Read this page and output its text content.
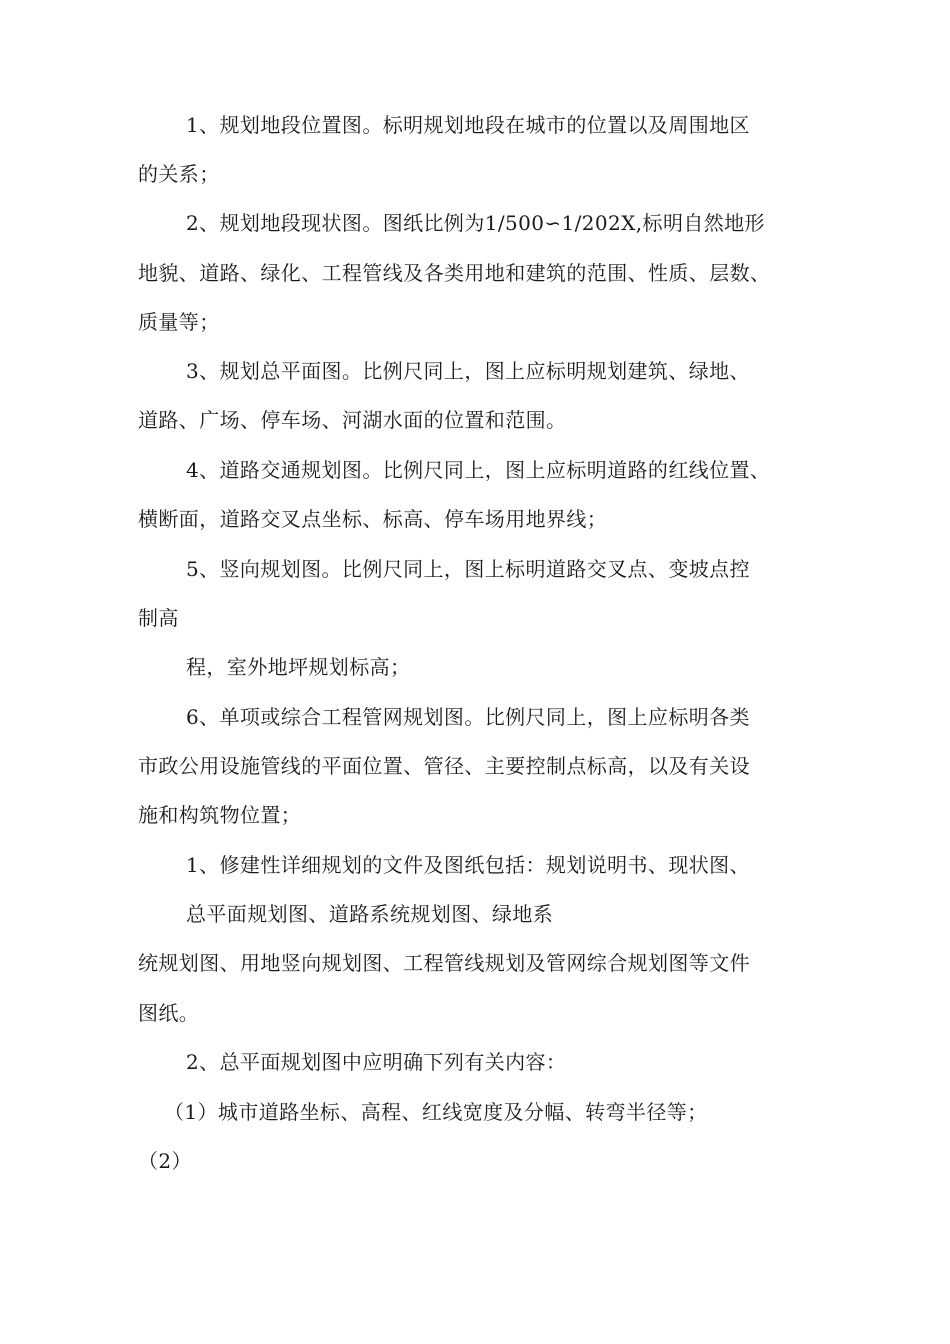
1、规划地段位置图。标明规划地段在城市的位置以及周围地区
的关系；
2、规划地段现状图。图纸比例为1/500∽1/202X,标明自然地形
地貌、道路、绿化、工程管线及各类用地和建筑的范围、性质、层数、
质量等；
3、规划总平面图。比例尺同上，图上应标明规划建筑、绿地、
道路、广场、停车场、河湖水面的位置和范围。
4、道路交通规划图。比例尺同上，图上应标明道路的红线位置、
横断面，道路交叉点坐标、标高、停车场用地界线；
5、竖向规划图。比例尺同上，图上标明道路交叉点、变坡点控
制高
程，室外地坪规划标高；
6、单项或综合工程管网规划图。比例尺同上，图上应标明各类
市政公用设施管线的平面位置、管径、主要控制点标高，以及有关设
施和构筑物位置；
1、修建性详细规划的文件及图纸包括：规划说明书、现状图、
总平面规划图、道路系统规划图、绿地系
统规划图、用地竖向规划图、工程管线规划及管网综合规划图等文件
图纸。
2、总平面规划图中应明确下列有关内容：
（1）城市道路坐标、高程、红线宽度及分幅、转弯半径等；
（2）
